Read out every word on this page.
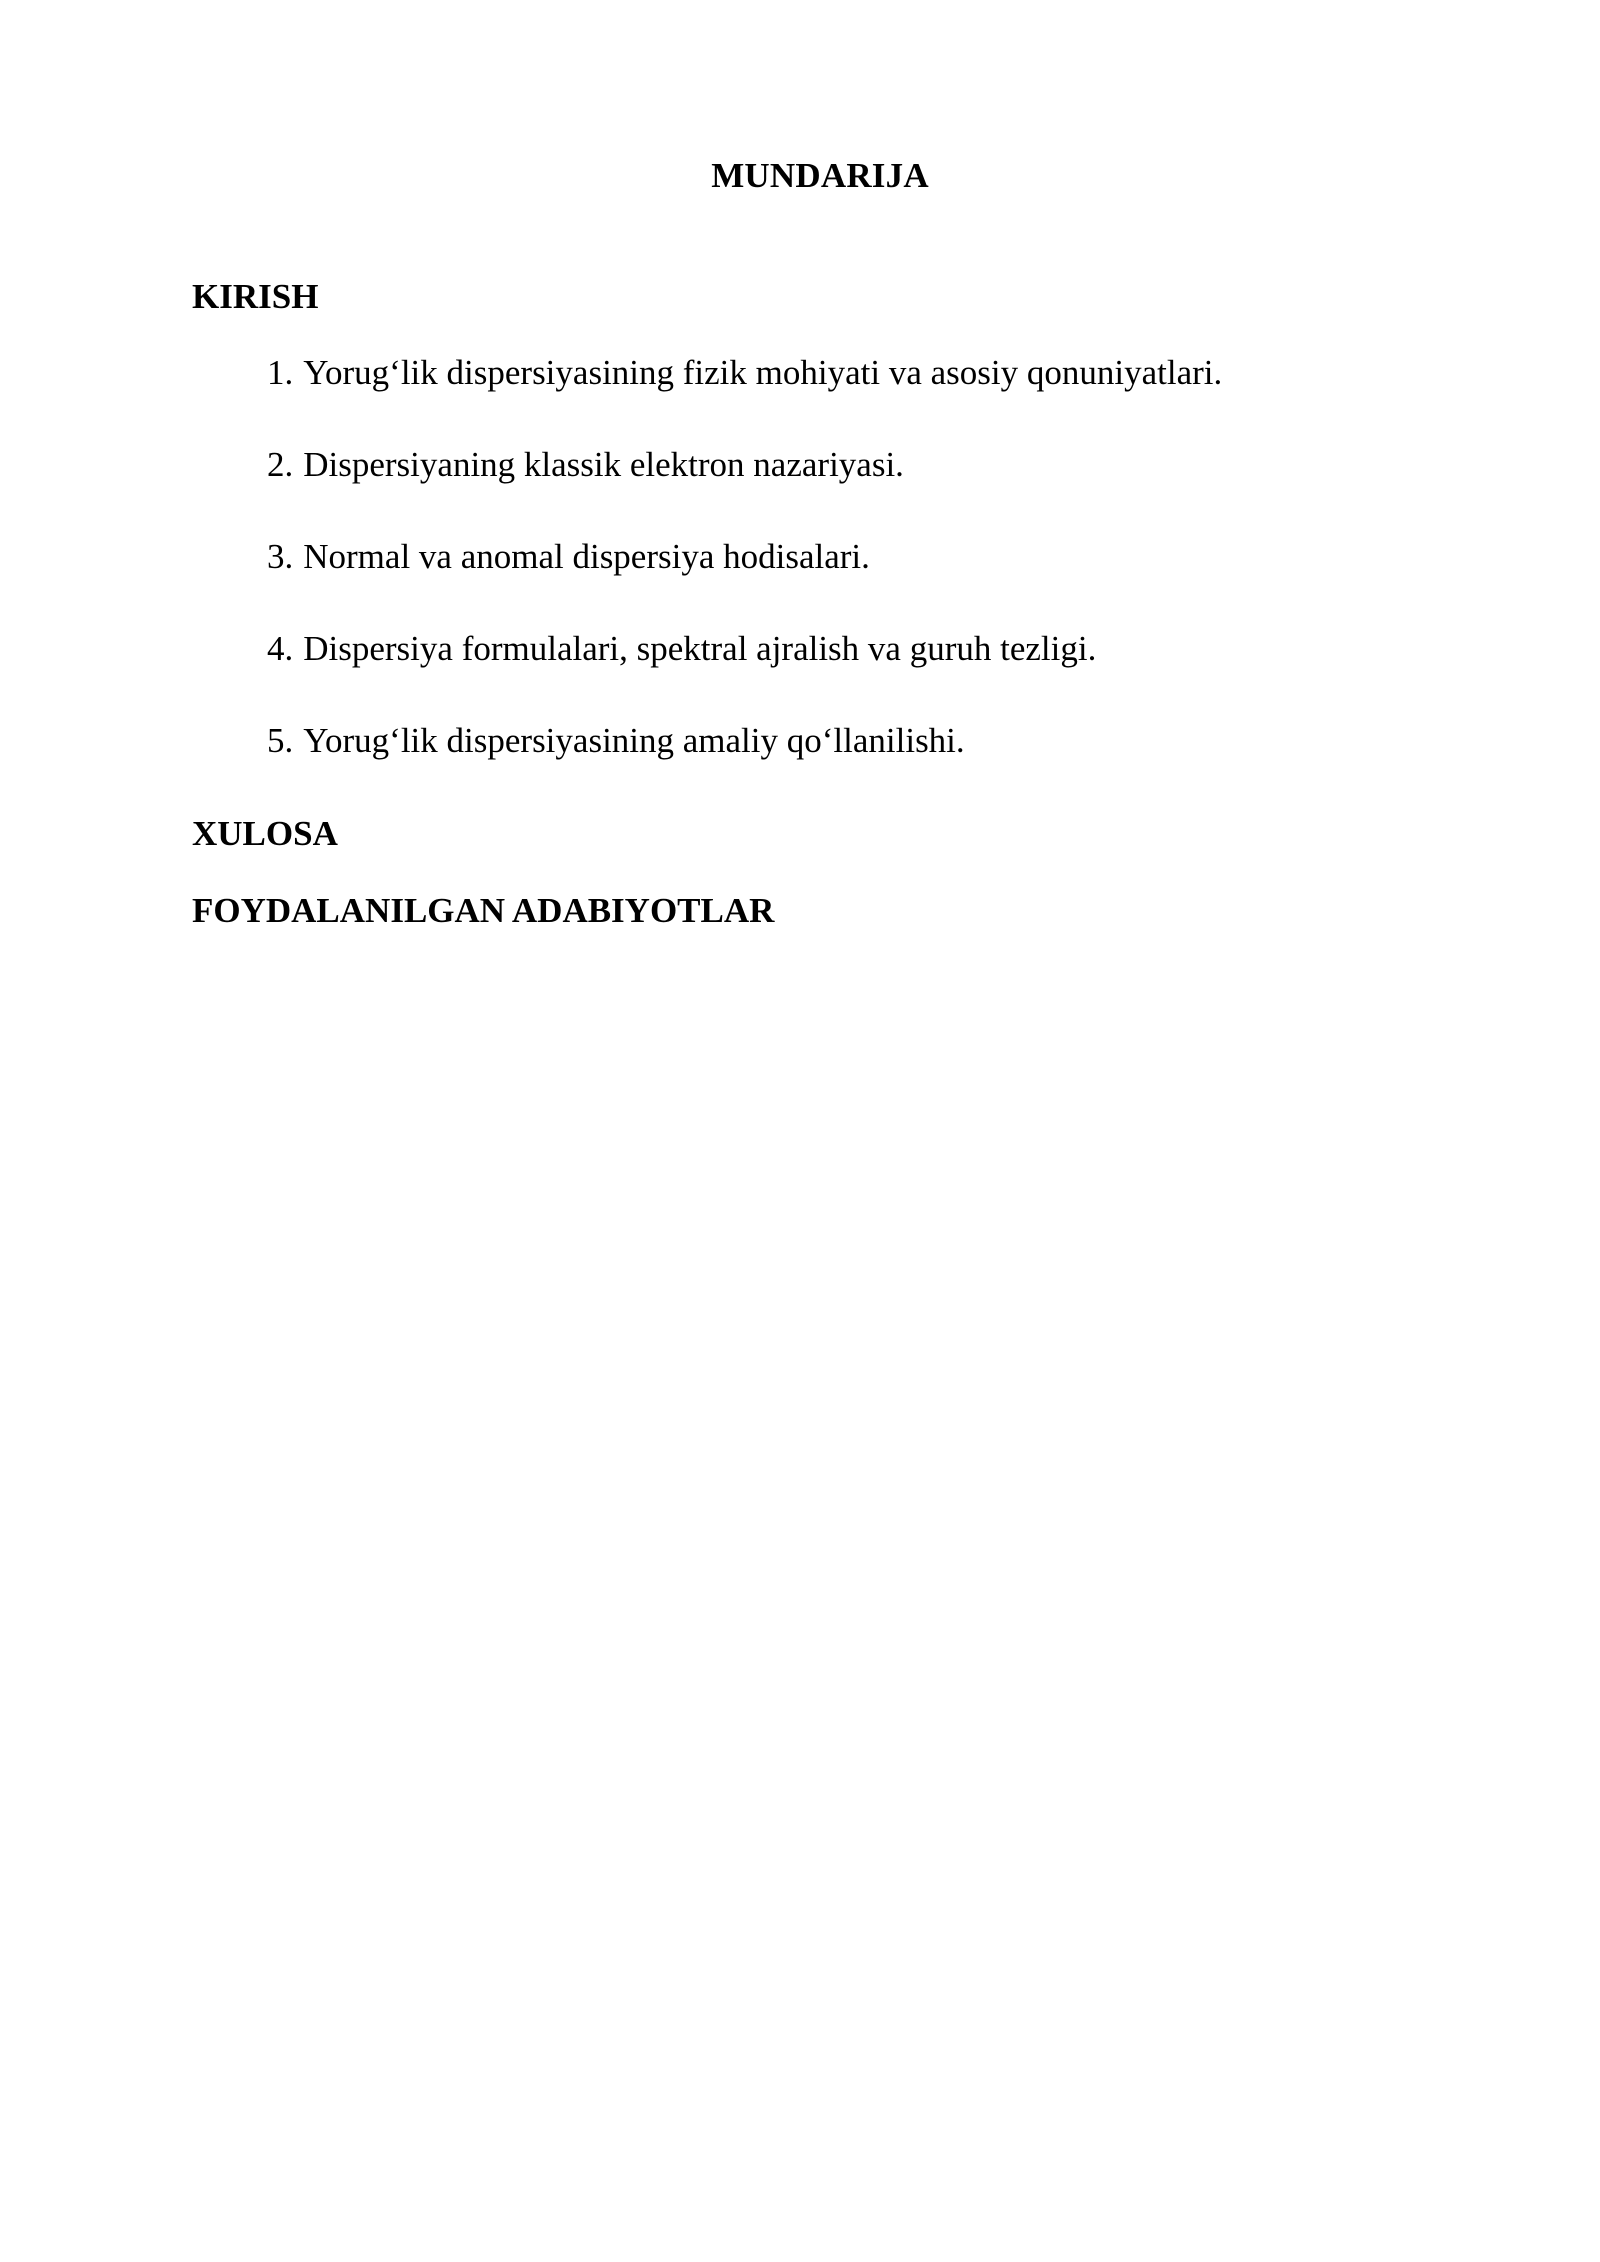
MUNDARIJA
KIRISH
1. Yorug‘lik dispersiyasining fizik mohiyati va asosiy qonuniyatlari.
2. Dispersiyaning klassik elektron nazariyasi.
3. Normal va anomal dispersiya hodisalari.
4. Dispersiya formulalari, spektral ajralish va guruh tezligi.
5. Yorug‘lik dispersiyasining amaliy qo‘llanilishi.
XULOSA
FOYDALANILGAN ADABIYOTLAR
